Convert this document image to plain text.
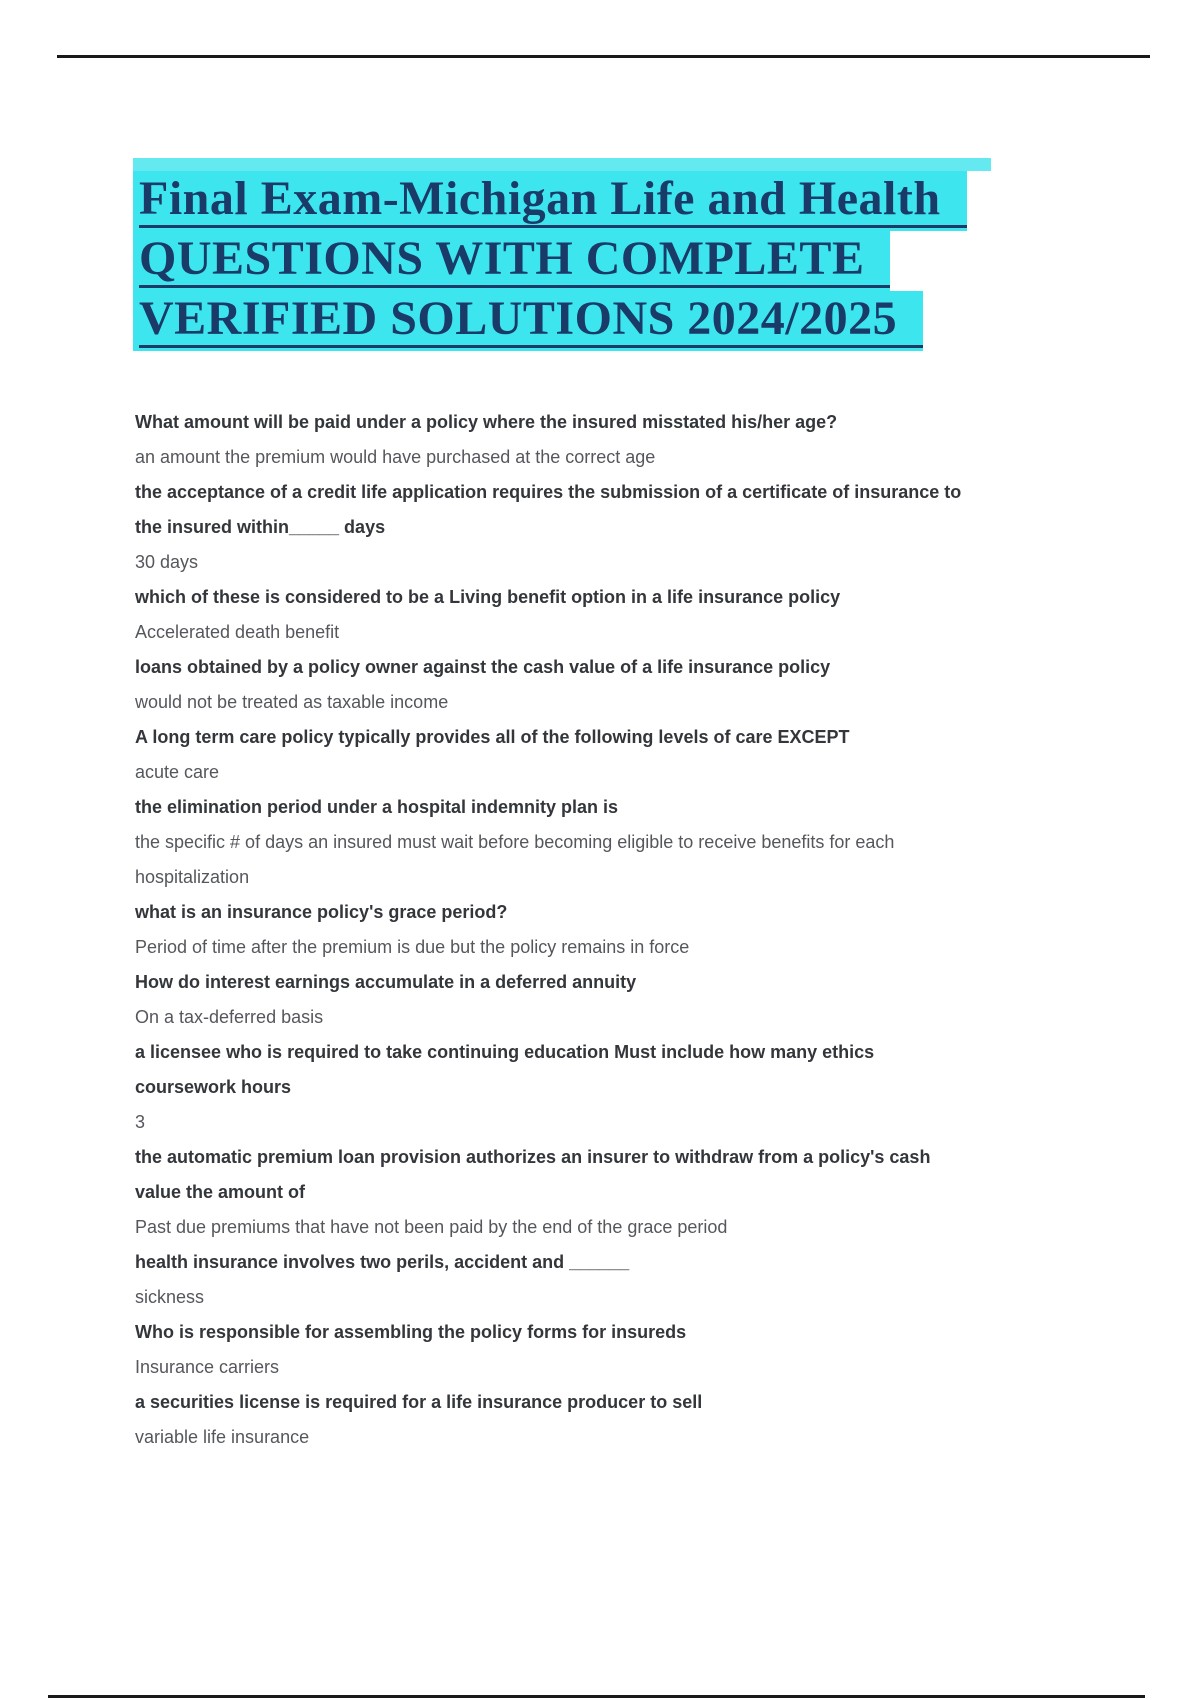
Final Exam-Michigan Life and Health
QUESTIONS WITH COMPLETE
VERIFIED SOLUTIONS 2024/2025
What amount will be paid under a policy where the insured misstated his/her age?
an amount the premium would have purchased at the correct age
the acceptance of a credit life application requires the submission of a certificate of insurance to
the insured within_____ days
30 days
which of these is considered to be a Living benefit option in a life insurance policy
Accelerated death benefit
loans obtained by a policy owner against the cash value of a life insurance policy
would not be treated as taxable income
A long term care policy typically provides all of the following levels of care EXCEPT
acute care
the elimination period under a hospital indemnity plan is
the specific # of days an insured must wait before becoming eligible to receive benefits for each
hospitalization
what is an insurance policy's grace period?
Period of time after the premium is due but the policy remains in force
How do interest earnings accumulate in a deferred annuity
On a tax-deferred basis
a licensee who is required to take continuing education Must include how many ethics
coursework hours
3
the automatic premium loan provision authorizes an insurer to withdraw from a policy's cash
value the amount of
Past due premiums that have not been paid by the end of the grace period
health insurance involves two perils, accident and ______
sickness
Who is responsible for assembling the policy forms for insureds
Insurance carriers
a securities license is required for a life insurance producer to sell
variable life insurance
